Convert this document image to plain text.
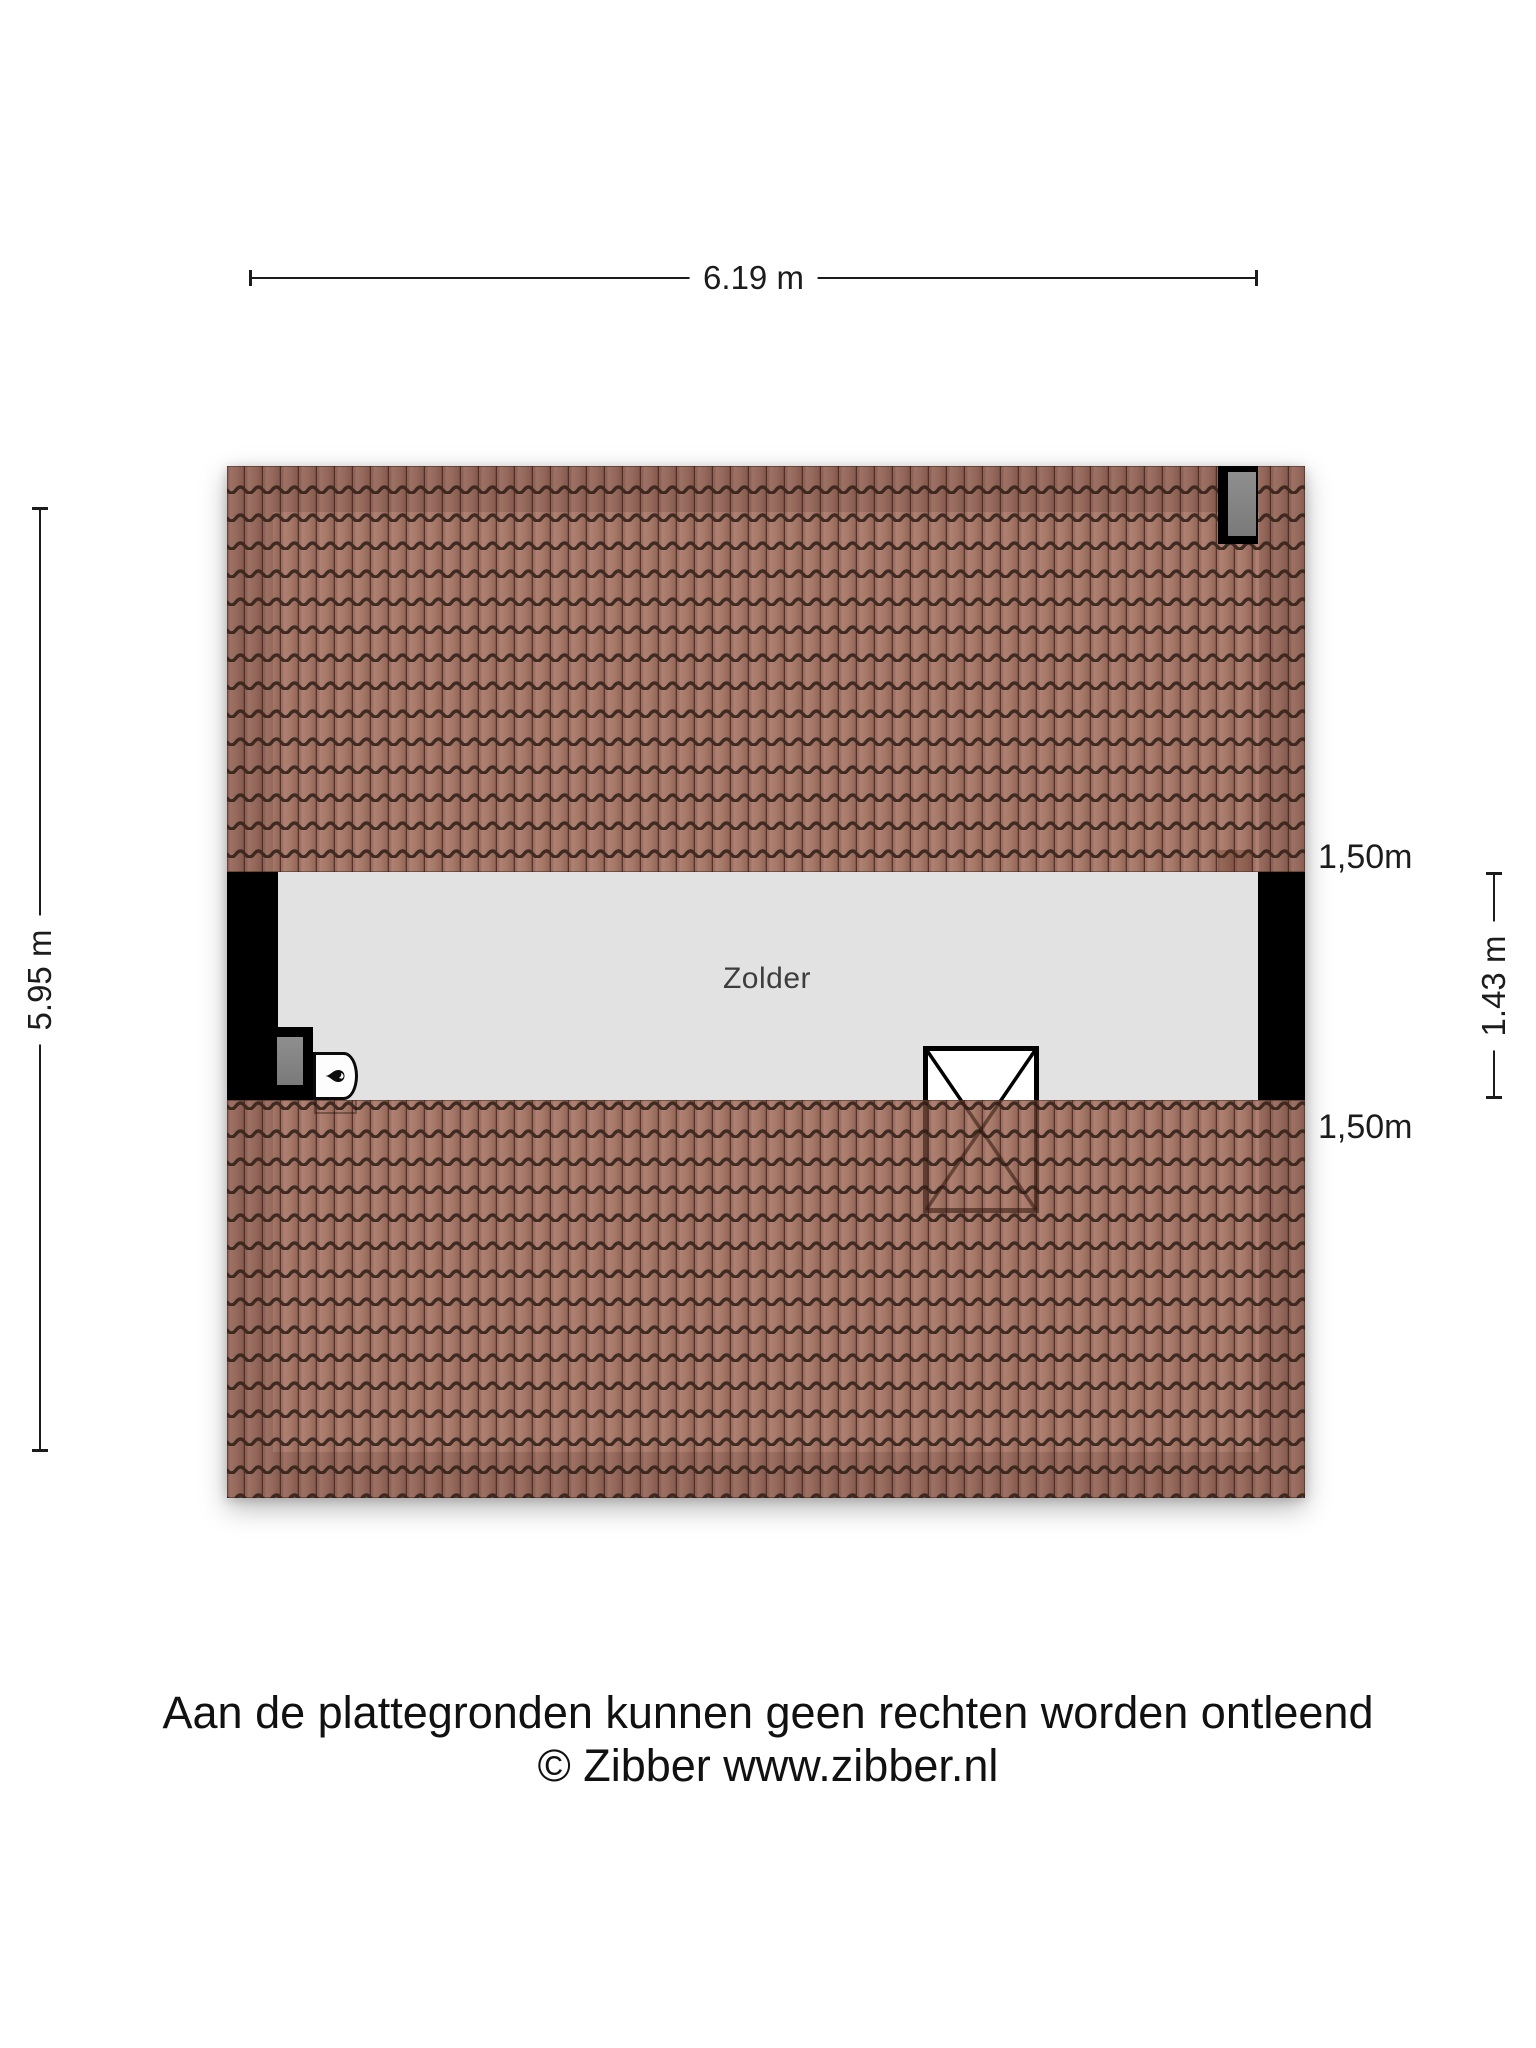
6.19 m
5.95 m	1.43 m
1,50m
1,50m
Zolder
Aan de plattegronden kunnen geen rechten worden ontleend
© Zibber www.zibber.nl
